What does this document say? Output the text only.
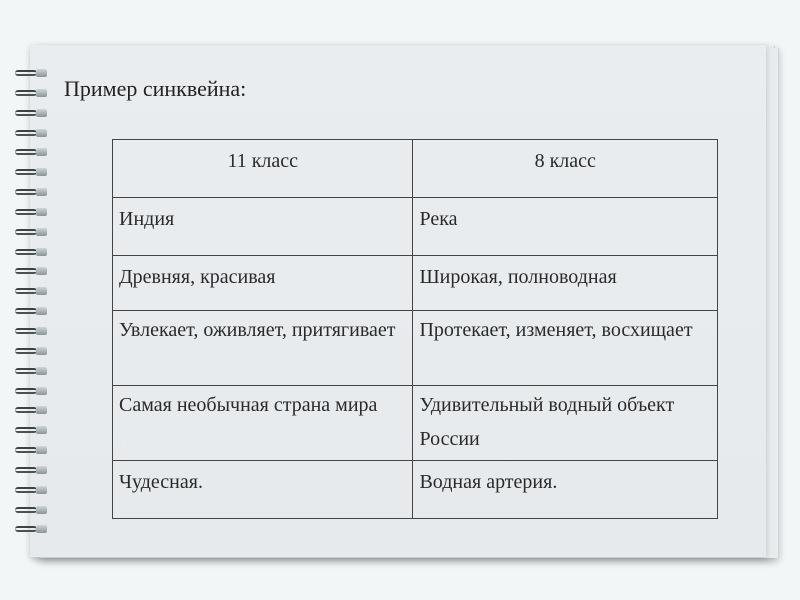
Пример синквейна:
11 класс	8 класс
Индия	Река
Древняя, красивая	Широкая, полноводная
Увлекает, оживляет, притягивает	Протекает, изменяет, восхищает
Самая необычная страна мира	Удивительный водный объект России
Чудесная.	Водная артерия.
